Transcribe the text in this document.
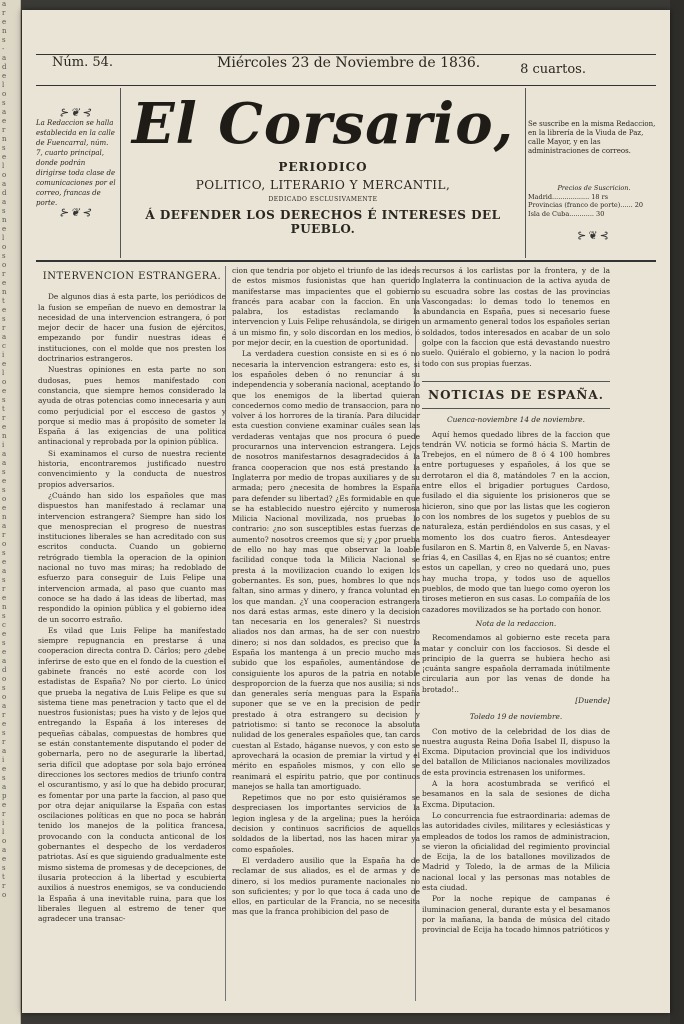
a
r
e
n
s
-
a
d
e
l
o
s
a
e
r
n
s
e
l
o
a
d
a
s
n
e
l
o
s
o
r
e
n
t
e
s
r
a
c
i
e
l
o
e
s
t
r
e
n
i
a
a
s
e
s
o
e
n
a
r
o
s
e
a
s
r
e
n
s
c
e
s
e
a
d
o
s
o
a
r
e
s
r
a
i
e
s
a
p
e
r
i
l
o
a
e
s
t
r
o
Núm. 54.	Miércoles 23 de Noviembre de 1836.	8 cuartos.
⊱❦⊰
La Redaccion se halla establecida en la calle de Fuencarral, núm. 7, cuarto principal, donde podrán dirigirse toda clase de comunicaciones por el correo, francas de porte.
⊱❦⊰
El Corsario,
PERIODICO
POLITICO, LITERARIO Y MERCANTIL,
DEDICADO ESCLUSIVAMENTE
Á DEFENDER LOS DERECHOS É INTERESES DEL PUEBLO.
Se suscribe en la misma Redaccion, en la librería de la Viuda de Paz, calle Mayor, y en las administraciones de correos.
Precios de Suscricion.
Madrid.................. 18 rs
Provincias (franco de porte)...... 20
Isla de Cuba............ 30
⊱❦⊰
INTERVENCION ESTRANGERA.

De algunos dias á esta parte, los periódicos de la fusion se empeñan de nuevo en demostrar la necesidad de una intervencion estrangera, ó por mejor decir de hacer una fusion de ejércitos, empezando por fundir nuestras ideas é instituciones, con el molde que nos presten los doctrinarios estrangeros.

Nuestras opiniones en esta parte no son dudosas, pues hemos manifestado con constancia, que siempre hemos considerado la ayuda de otras potencias como innecesaria y aun como perjudicial por el escceso de gastos y porque si medio mas á propósito de someter la España á las exigencias de una politica antinacional y reprobada por la opinion pública.

Si examinamos el curso de nuestra reciente historia, encontraremos justificado nuestro convencimiento y la conducta de nuestros propios adversarios.

¿Cuándo han sido los españoles que mas dispuestos han manifestado á reclamar una intervencion estrangera? Siempre han sido los que menosprecian el progreso de nuestras instituciones liberales se han acreditado con sus escritos conducta. Cuando un gobierno retrógrado tiembla la operacion de la opinion nacional no tuvo mas miras; ha redoblado de esfuerzo para conseguir de Luis Felipe una intervencion armada, al paso que cuanto mas conoce se ha dado á las ideas de libertad, mas respondido la opinion pública y el gobierno idea de un socorro estraño.

Es vilad que Luis Felipe ha manifestado siempre repugnancia en prestarse á una cooperacion directa contra D. Cárlos; pero ¿debe inferirse de esto que en el fondo de la cuestion el gabinete francés no esté acorde con los estadistas de España? No por cierto. Lo único que prueba la negativa de Luis Felipe es que su sistema tiene mas penetracion y tacto que el de nuestros fusionistas; pues ha visto y de lejos que entregando la España á los intereses de pequeñas cábalas, compuestas de hombres que se están constantemente disputando el poder de gobernarla, pero no de asegurarle la libertad, seria difícil que adoptase por sola bajo errónea direcciones los sectores medios de triunfo contra el oscurantismo, y así lo que ha debido procurar, es fomentar por una parte la faccion, al paso que por otra dejar aniquilarse la España con estas oscilaciones políticas en que no poca se habrán tenido los manejos de la politica francesa, provocando con la conducta anticonal de los gobernantes el despecho de los verdaderos patriotas. Así es que siguiendo gradualmente este mismo sistema de promesas y de decepciones, de ilusaria proteccion á la libertad y escubierta auxilios á nuestros enemigos, se va conduciendo la España á una inevitable ruina, para que los liberales lleguen al estremo de tener que agradecer una transac-

cion que tendria por objeto el triunfo de las ideas de estos mismos fusionistas que han querido manifestarse mas impacientes que el gobierno francés para acabar con la faccion. En una palabra, los estadistas reclamando la intervencion y Luis Felipe rehusándola, se dirigen á un mismo fin, y solo discordan en los medios, ó por mejor decir, en la cuestion de oportunidad.

La verdadera cuestion consiste en si es ó no necesaria la intervencion estrangera: esto es, si los españoles deben ó no renunciar á su independencia y soberanía nacional, aceptando lo que los enemigos de la libertad quieran concedernos como medio de transaccion, para no volver á los horrores de la tiranía. Para dilucidar esta cuestion conviene examinar cuáles sean las verdaderas ventajas que nos procura ó puede procurarnos una intervencion estrangera. Lejos de nosotros manifestarnos desagradecidos á la franca cooperacion que nos está prestando la Inglaterra por medio de tropas auxiliares y de su armada; pero ¿necesita de hombres la España para defender su libertad? ¿Es formidable en que se ha establecido nuestro ejército y numerosa Milicia Nacional movilizada, nos pruebas lo contrario: ¿no son susceptibles estas fuerzas de aumento? nosotros creemos que sí; y ¿por prueba de ello no hay mas que observar la loable facilidad conque toda la Milicia Nacional se presta á la movilizacion cuando lo exigen los gobernantes. Es son, pues, hombres lo que nos faltan, sino armas y dinero, y franca voluntad en los que mandan. ¿Y una cooperacion estrangera nos dará estas armas, este dinero y la decision tan necesaria en los generales? Si nuestros aliados nos dan armas, ha de ser con nuestro dinero; si nos dan soldados, es preciso que la España los mantenga á un precio mucho mas subido que los españoles, aumentándose de consiguiente los apuros de la patria en notable desproporcion de la fuerza que nos ausilia; si nos dan generales sería menguas para la España suponer que se ve en la precision de pedir prestado á otra estrangero su decision y patriotismo: si tanto se reconoce la absoluta nulidad de los generales españoles que, tan caros cuestan al Estado, háganse nuevos, y con esto se aprovechará la ocasion de premiar la virtud y el mérito en españoles mismos, y con ello se reanimará el espíritu patrio, que por continuos manejos se halla tan amortiguado.

Repetimos que no por esto quisiéramos se despreciasen los importantes servicios de la legion inglesa y de la argelina; pues la heróica decision y continuos sacrificios de aquellos soldados de la libertad, nos las hacen mirar ya como españoles.

El verdadero ausilio que la España ha de reclamar de sus aliados, es el de armas y de dinero, si los medios puramente nacionales no son suficientes; y por lo que toca á cada uno de ellos, en particular de la Francia, no se necesita mas que la franca prohibicion del paso de

recursos á los carlistas por la frontera, y de la Inglaterra la continuacion de la activa ayuda de su escuadra sobre las costas de las provincias Vascongadas: lo demas todo lo tenemos en abundancia en España, pues si necesario fuese un armamento general todos los españoles serian soldados, todos interesados en acabar de un solo golpe con la faccion que está devastando nuestro suelo. Quiéralo el gobierno, y la nacion lo podrá todo con sus propias fuerzas.

NOTICIAS DE ESPAÑA.
Cuenca-noviembre 14 de noviembre.

Aquí hemos quedado libres de la faccion que tendrán VV. noticia se formó hácia S. Martin de Trebejos, en el número de 8 ó 4 100 hombres entre portugueses y españoles, á los que se derrotaron el dia 8, matándoles 7 en la accion, entre ellos el brigadier portugues Cardoso, fusilado el dia siguiente los prisioneros que se hicieron, sino que por las listas que les cogieron con los nombres de los sugetos y pueblos de su naturaleza, están perdiéndolos en sus casas, y el momento los dos cuatro fieros. Antesdeayer fusilaron en S. Martin 8, en Valverde 5, en Navas-frias 4, en Casillas 4, en Ejas no sé cuantos; entre estos un capellan, y creo no quedará uno, pues hay mucha tropa, y todos uso de aquellos pueblos, de modo que tan luego como oyeron los tiroses metieron en sus casas. Lo compañía de los cazadores movilizados se ha portado con honor.

Nota de la redaccion.

Recomendamos al gobierno este receta para matar y concluir con los facciosos. Si desde el principio de la guerra se hubiera hecho asi ¡cuánta sangre española derramada inútilmente circularia aun por las venas de donde ha brotado!..

[Duende]
Toledo 19 de noviembre.

Con motivo de la celebridad de los dias de nuestra augusta Reina Doña Isabel II, dispuso la Excma. Diputacion provincial que los individuos del batallon de Milicianos nacionales movilizados de esta provincia estrenasen los uniformes.

A la hora acostumbrada se verificó el besamanos en la sala de sesiones de dicha Excma. Diputacion.

Lo concurrencia fue estraordinaria: ademas de las autoridades civiles, militares y eclesiásticas y empleados de todos los ramos de administracion, se vieron la oficialidad del regimiento provincial de Ecija, la de los batallones movilizados de Madrid y Toledo, la de armas de la Milicia nacional local y las personas mas notables de esta ciudad.

Por la noche repique de campanas é iluminacion general, durante esta y el besamanos por la mañana, la banda de música del citado provincial de Ecija ha tocado himnos patrióticos y
